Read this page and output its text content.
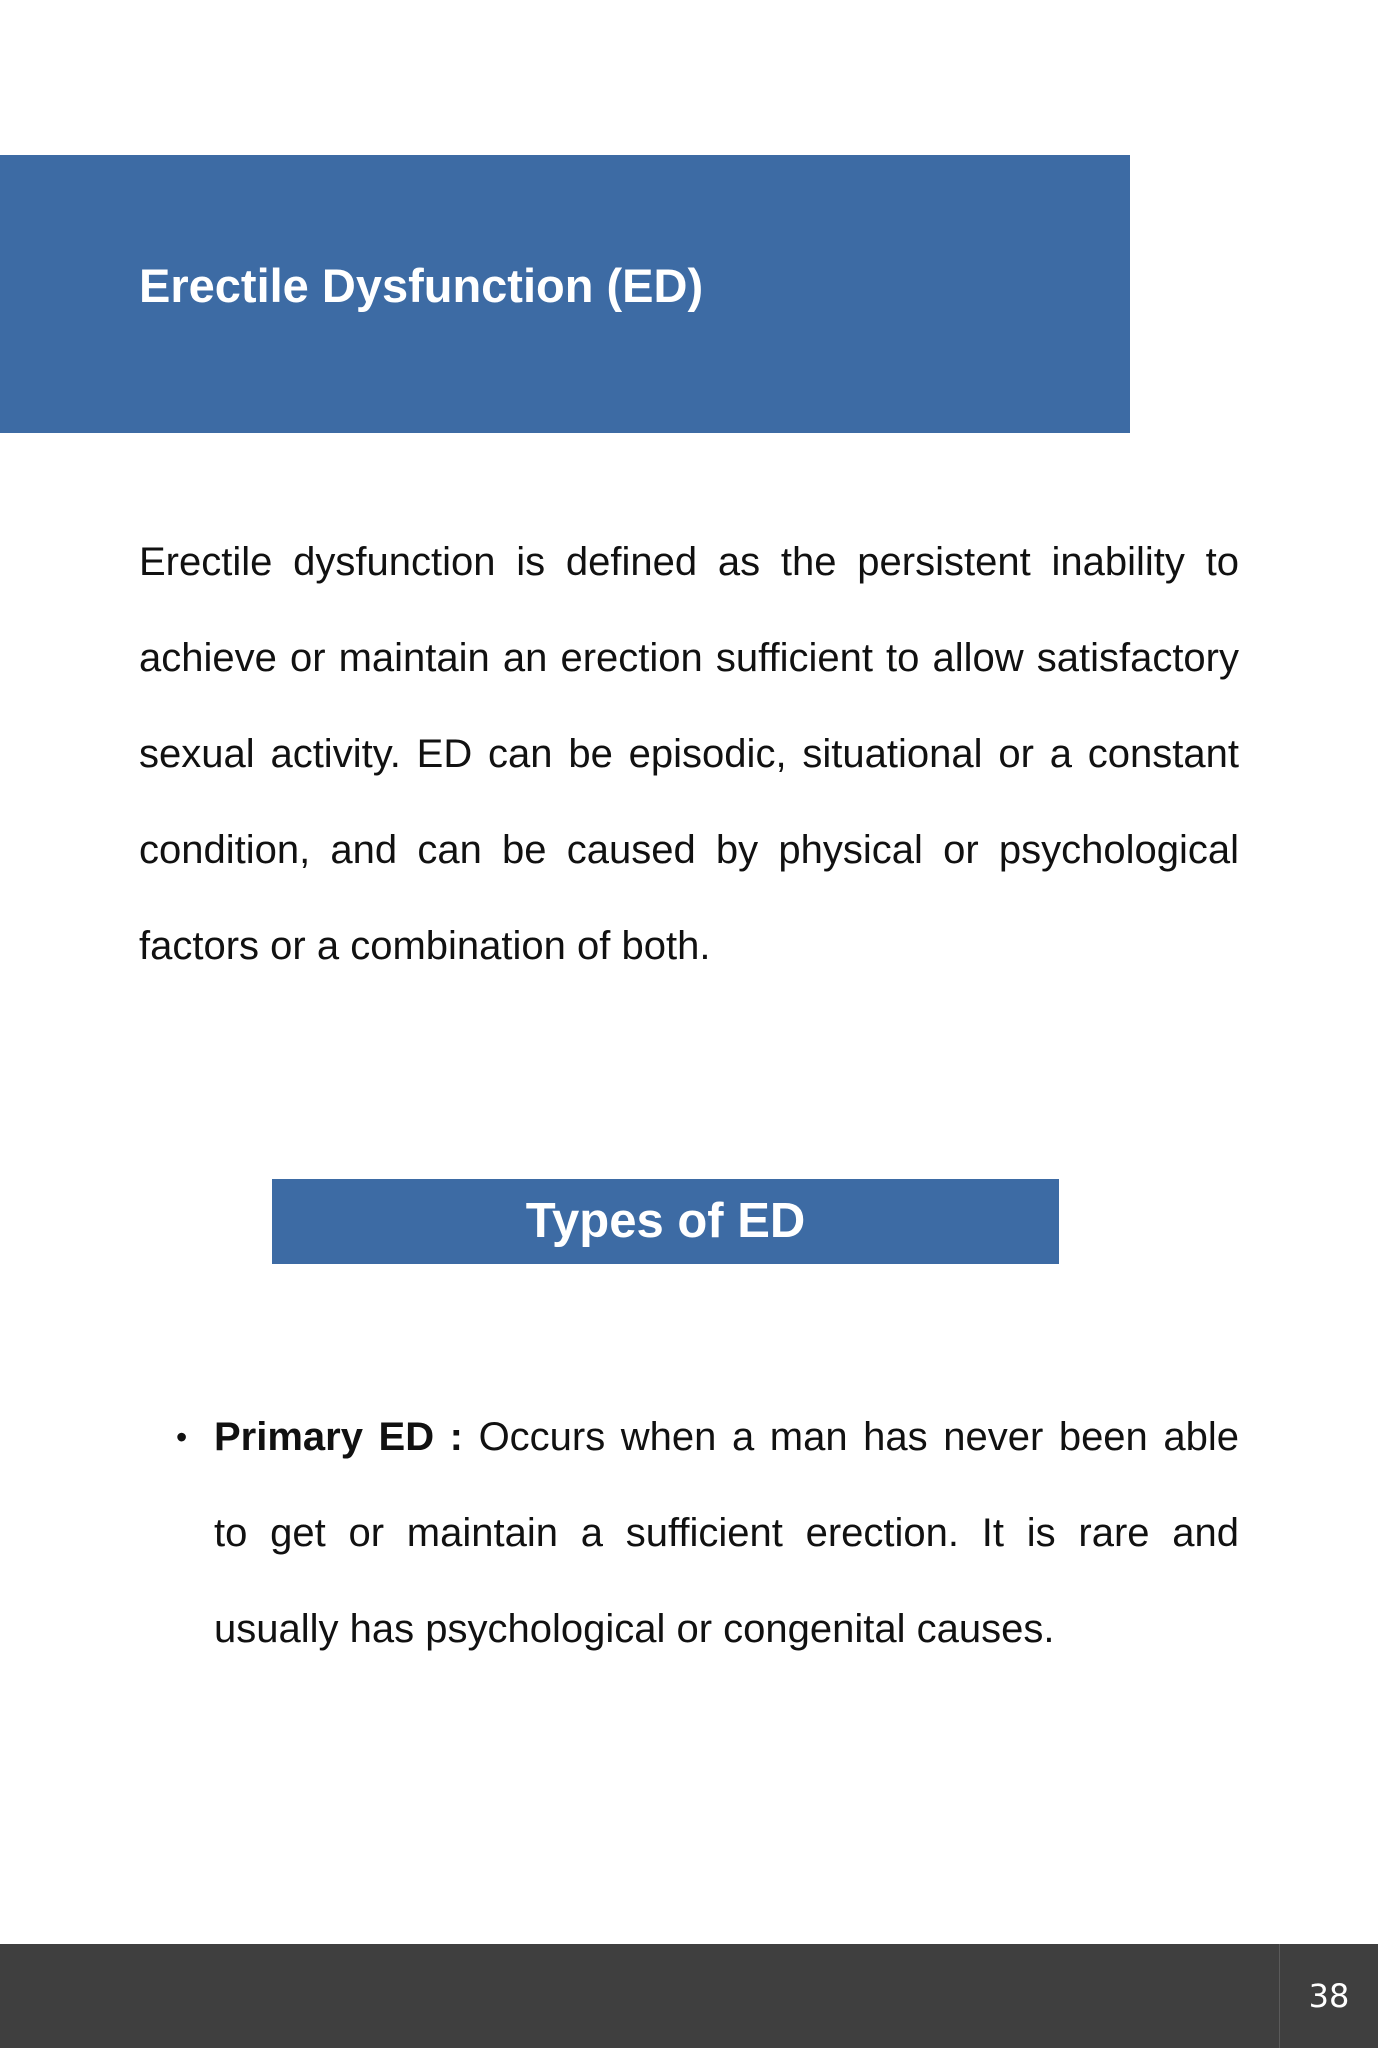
Erectile Dysfunction (ED)

Erectile dysfunction is defined as the persistent inability to achieve or maintain an erection sufficient to allow satisfactory sexual activity. ED can be episodic, situational or a constant condition, and can be caused by physical or psychological factors or a combination of both.

Types of ED
• Primary ED : Occurs when a man has never been able to get or maintain a sufficient erection. It is rare and usually has psychological or congenital causes.
38
